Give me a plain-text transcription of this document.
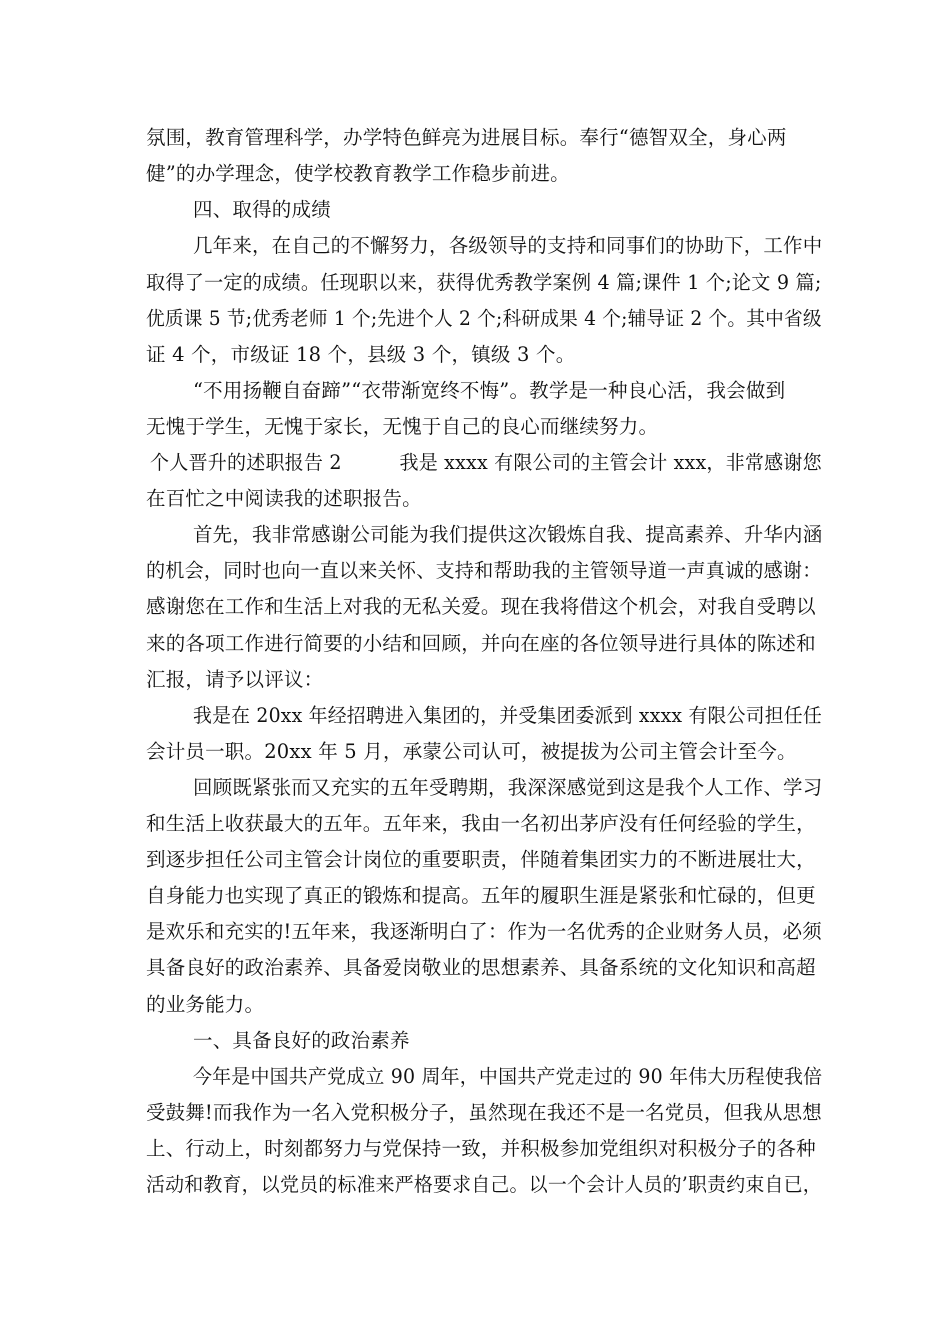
氛围，教育管理科学，办学特色鲜亮为进展目标。奉行“德智双全，身心两
健”的办学理念，使学校教育教学工作稳步前进。
四、取得的成绩
几年来，在自己的不懈努力，各级领导的支持和同事们的协助下，工作中
取得了一定的成绩。任现职以来，获得优秀教学案例 4 篇;课件 1 个;论文 9 篇;
优质课 5 节;优秀老师 1 个;先进个人 2 个;科研成果 4 个;辅导证 2 个。其中省级
证 4 个，市级证 18 个，县级 3 个，镇级 3 个。
“不用扬鞭自奋蹄”“衣带渐宽终不悔”。教学是一种良心活，我会做到
无愧于学生，无愧于家长，无愧于自己的良心而继续努力。
个人晋升的述职报告 2　　　我是 xxxx 有限公司的主管会计 xxx，非常感谢您
在百忙之中阅读我的述职报告。
首先，我非常感谢公司能为我们提供这次锻炼自我、提高素养、升华内涵
的机会，同时也向一直以来关怀、支持和帮助我的主管领导道一声真诚的感谢：
感谢您在工作和生活上对我的无私关爱。现在我将借这个机会，对我自受聘以
来的各项工作进行简要的小结和回顾，并向在座的各位领导进行具体的陈述和
汇报，请予以评议：
我是在 20xx 年经招聘进入集团的，并受集团委派到 xxxx 有限公司担任任
会计员一职。20xx 年 5 月，承蒙公司认可，被提拔为公司主管会计至今。
回顾既紧张而又充实的五年受聘期，我深深感觉到这是我个人工作、学习
和生活上收获最大的五年。五年来，我由一名初出茅庐没有任何经验的学生，
到逐步担任公司主管会计岗位的重要职责，伴随着集团实力的不断进展壮大，
自身能力也实现了真正的锻炼和提高。五年的履职生涯是紧张和忙碌的，但更
是欢乐和充实的!五年来，我逐渐明白了：作为一名优秀的企业财务人员，必须
具备良好的政治素养、具备爱岗敬业的思想素养、具备系统的文化知识和高超
的业务能力。
一、具备良好的政治素养
今年是中国共产党成立 90 周年，中国共产党走过的 90 年伟大历程使我倍
受鼓舞!而我作为一名入党积极分子，虽然现在我还不是一名党员，但我从思想
上、行动上，时刻都努力与党保持一致，并积极参加党组织对积极分子的各种
活动和教育，以党员的标准来严格要求自己。以一个会计人员的’职责约束自已，
